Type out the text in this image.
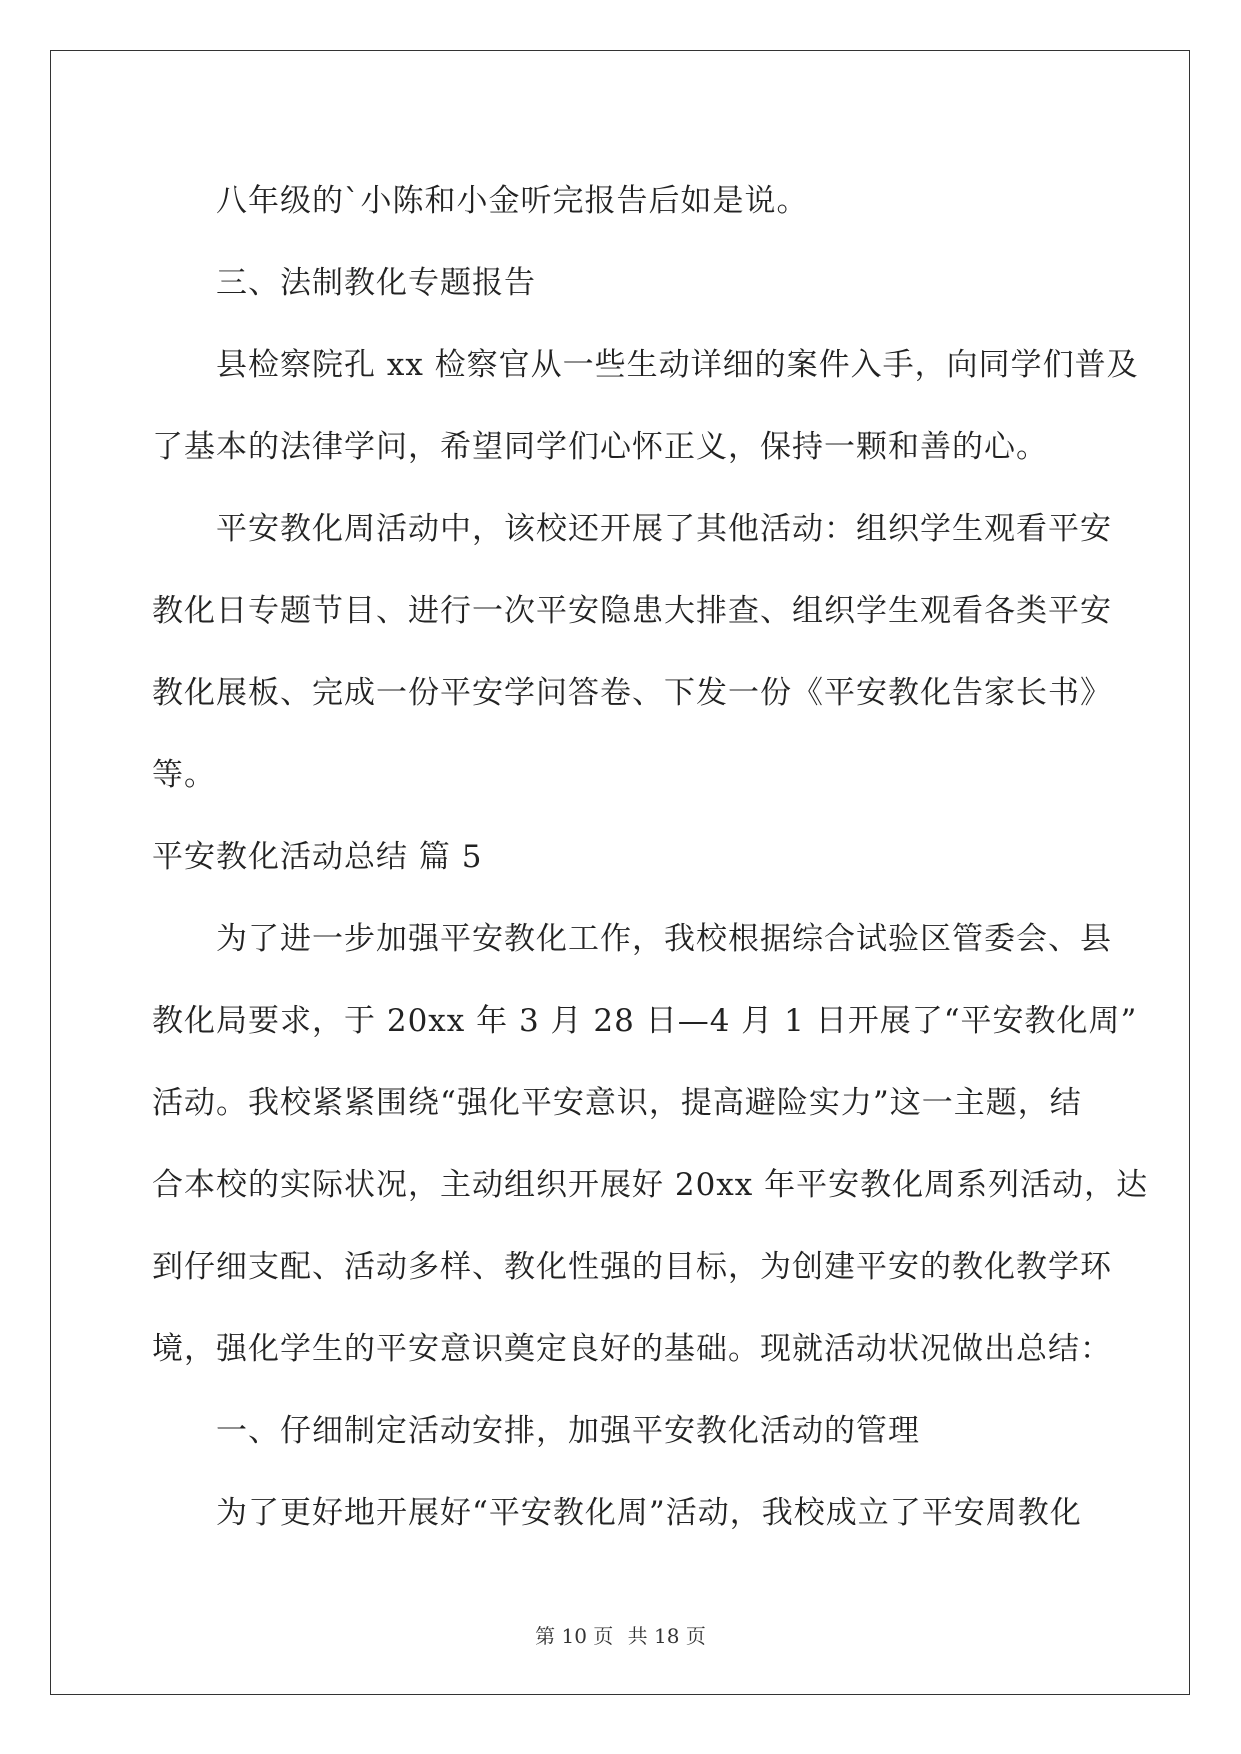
　　八年级的`小陈和小金听完报告后如是说。
　　三、法制教化专题报告
　　县检察院孔 xx 检察官从一些生动详细的案件入手，向同学们普及
了基本的法律学问，希望同学们心怀正义，保持一颗和善的心。
　　平安教化周活动中，该校还开展了其他活动：组织学生观看平安
教化日专题节目、进行一次平安隐患大排查、组织学生观看各类平安
教化展板、完成一份平安学问答卷、下发一份《平安教化告家长书》
等。
平安教化活动总结 篇 5
　　为了进一步加强平安教化工作，我校根据综合试验区管委会、县
教化局要求，于 20xx 年 3 月 28 日—4 月 1 日开展了“平安教化周”
活动。我校紧紧围绕“强化平安意识，提高避险实力”这一主题，结
合本校的实际状况，主动组织开展好 20xx 年平安教化周系列活动，达
到仔细支配、活动多样、教化性强的目标，为创建平安的教化教学环
境，强化学生的平安意识奠定良好的基础。现就活动状况做出总结：
　　一、仔细制定活动安排，加强平安教化活动的管理
　　为了更好地开展好“平安教化周”活动，我校成立了平安周教化
第 10 页 共 18 页
